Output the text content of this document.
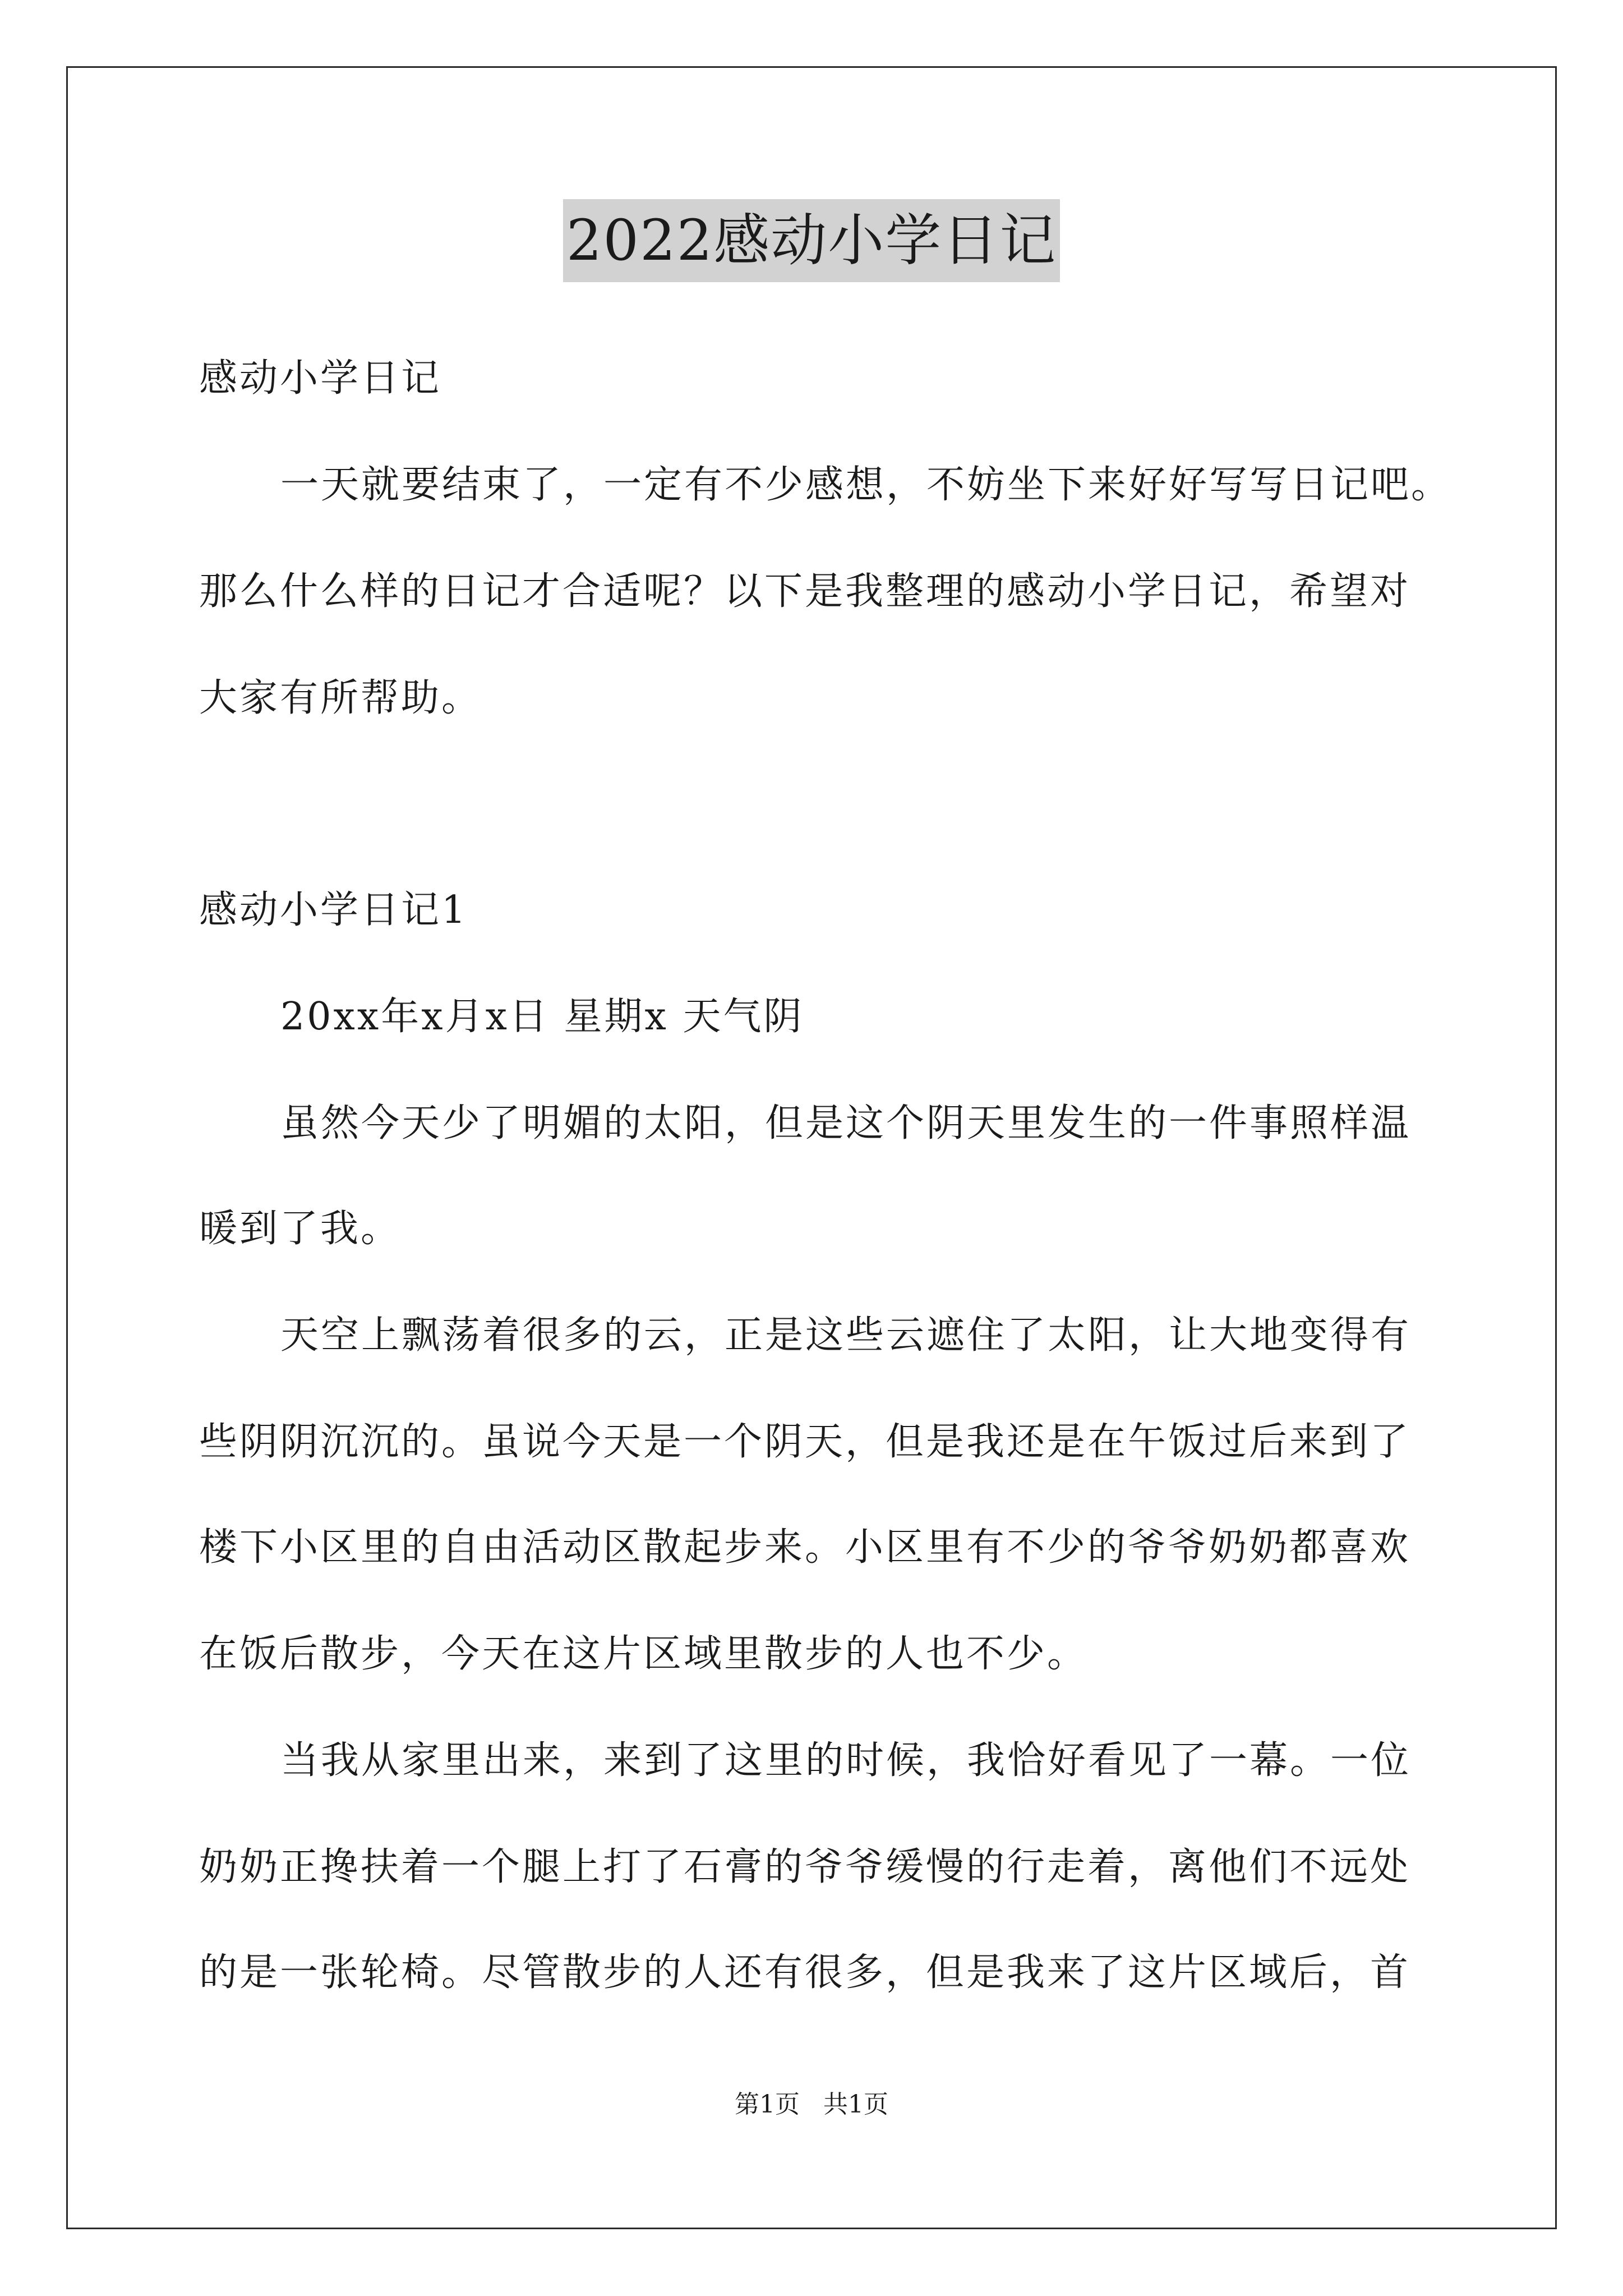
2022感动小学日记
感动小学日记
一天就要结束了，一定有不少感想，不妨坐下来好好写写日记吧。
那么什么样的日记才合适呢？以下是我整理的感动小学日记，希望对
大家有所帮助。
感动小学日记1
20xx年x月x日 星期x 天气阴
虽然今天少了明媚的太阳，但是这个阴天里发生的一件事照样温
暖到了我。
天空上飘荡着很多的云，正是这些云遮住了太阳，让大地变得有
些阴阴沉沉的。虽说今天是一个阴天，但是我还是在午饭过后来到了
楼下小区里的自由活动区散起步来。小区里有不少的爷爷奶奶都喜欢
在饭后散步，今天在这片区域里散步的人也不少。
当我从家里出来，来到了这里的时候，我恰好看见了一幕。一位
奶奶正搀扶着一个腿上打了石膏的爷爷缓慢的行走着，离他们不远处
的是一张轮椅。尽管散步的人还有很多，但是我来了这片区域后，首
第1页 共1页
